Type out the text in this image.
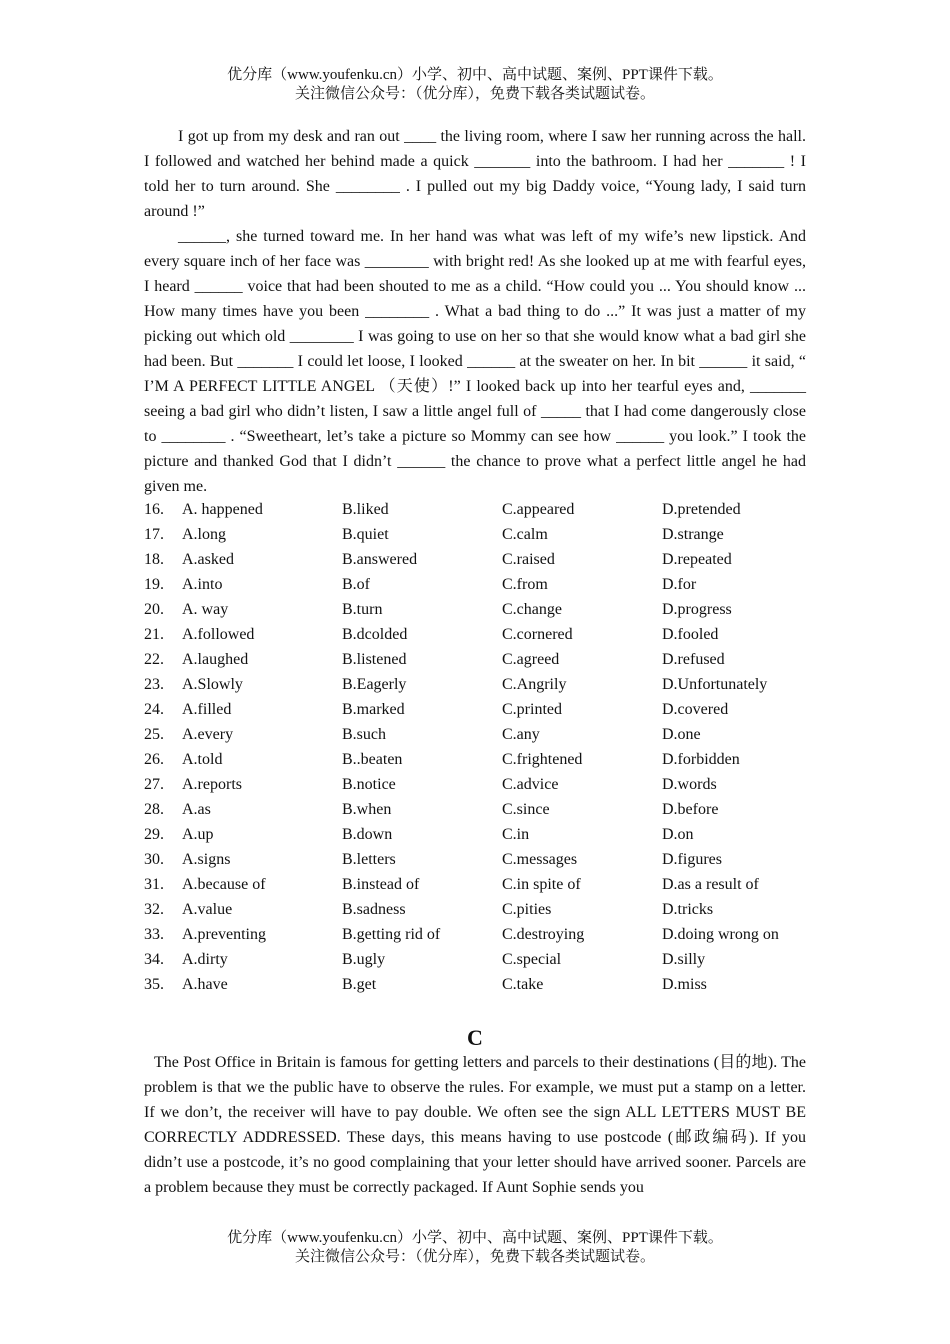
优分库（www.youfenku.cn）小学、初中、高中试题、案例、PPT课件下载。
关注微信公众号：（优分库），免费下载各类试题试卷。

I got up from my desk and ran out ____ the living room, where I saw her running across the hall. I followed and watched her behind made a quick _______ into the bathroom. I had her _______ ! I told her to turn around. She ________ . I pulled out my big Daddy voice, “Young lady, I said turn around !”

______, she turned toward me. In her hand was what was left of my wife’s new lipstick. And every square inch of her face was ________ with bright red! As she looked up at me with fearful eyes, I heard ______ voice that had been shouted to me as a child. “How could you ... You should know ... How many times have you been ________ . What a bad thing to do ...” It was just a matter of my picking out which old ________ I was going to use on her so that she would know what a bad girl she had been. But _______ I could let loose, I looked ______ at the sweater on her. In bit ______ it said, “ I’M A PERFECT LITTLE ANGEL （天使）!” I looked back up into her tearful eyes and, _______ seeing a bad girl who didn’t listen, I saw a little angel full of _____ that I had come dangerously close to ________ . “Sweetheart, let’s take a picture so Mommy can see how ______ you look.” I took the picture and thanked God that I didn’t ______ the chance to prove what a perfect little angel he had given me.

16.	A. happened	B.liked	C.appeared	D.pretended
17.	A.long	B.quiet	C.calm	D.strange
18.	A.asked	B.answered	C.raised	D.repeated
19.	A.into	B.of	C.from	D.for
20.	A. way	B.turn	C.change	D.progress
21.	A.followed	B.dcolded	C.cornered	D.fooled
22.	A.laughed	B.listened	C.agreed	D.refused
23.	A.Slowly	B.Eagerly	C.Angrily	D.Unfortunately
24.	A.filled	B.marked	C.printed	D.covered
25.	A.every	B.such	C.any	D.one
26.	A.told	B..beaten	C.frightened	D.forbidden
27.	A.reports	B.notice	C.advice	D.words
28.	A.as	B.when	C.since	D.before
29.	A.up	B.down	C.in	D.on
30.	A.signs	B.letters	C.messages	D.figures
31.	A.because of	B.instead of	C.in spite of	D.as a result of
32.	A.value	B.sadness	C.pities	D.tricks
33.	A.preventing	B.getting rid of	C.destroying	D.doing wrong on
34.	A.dirty	B.ugly	C.special	D.silly
35.	A.have	B.get	C.take	D.miss
C

The Post Office in Britain is famous for getting letters and parcels to their destinations (目的地). The problem is that we the public have to observe the rules. For example, we must put a stamp on a letter. If we don’t, the receiver will have to pay double. We often see the sign ALL LETTERS MUST BE CORRECTLY ADDRESSED. These days, this means having to use postcode (邮政编码). If you didn’t use a postcode, it’s no good complaining that your letter should have arrived sooner. Parcels are a problem because they must be correctly packaged. If Aunt Sophie sends you

优分库（www.youfenku.cn）小学、初中、高中试题、案例、PPT课件下载。
关注微信公众号：（优分库），免费下载各类试题试卷。
